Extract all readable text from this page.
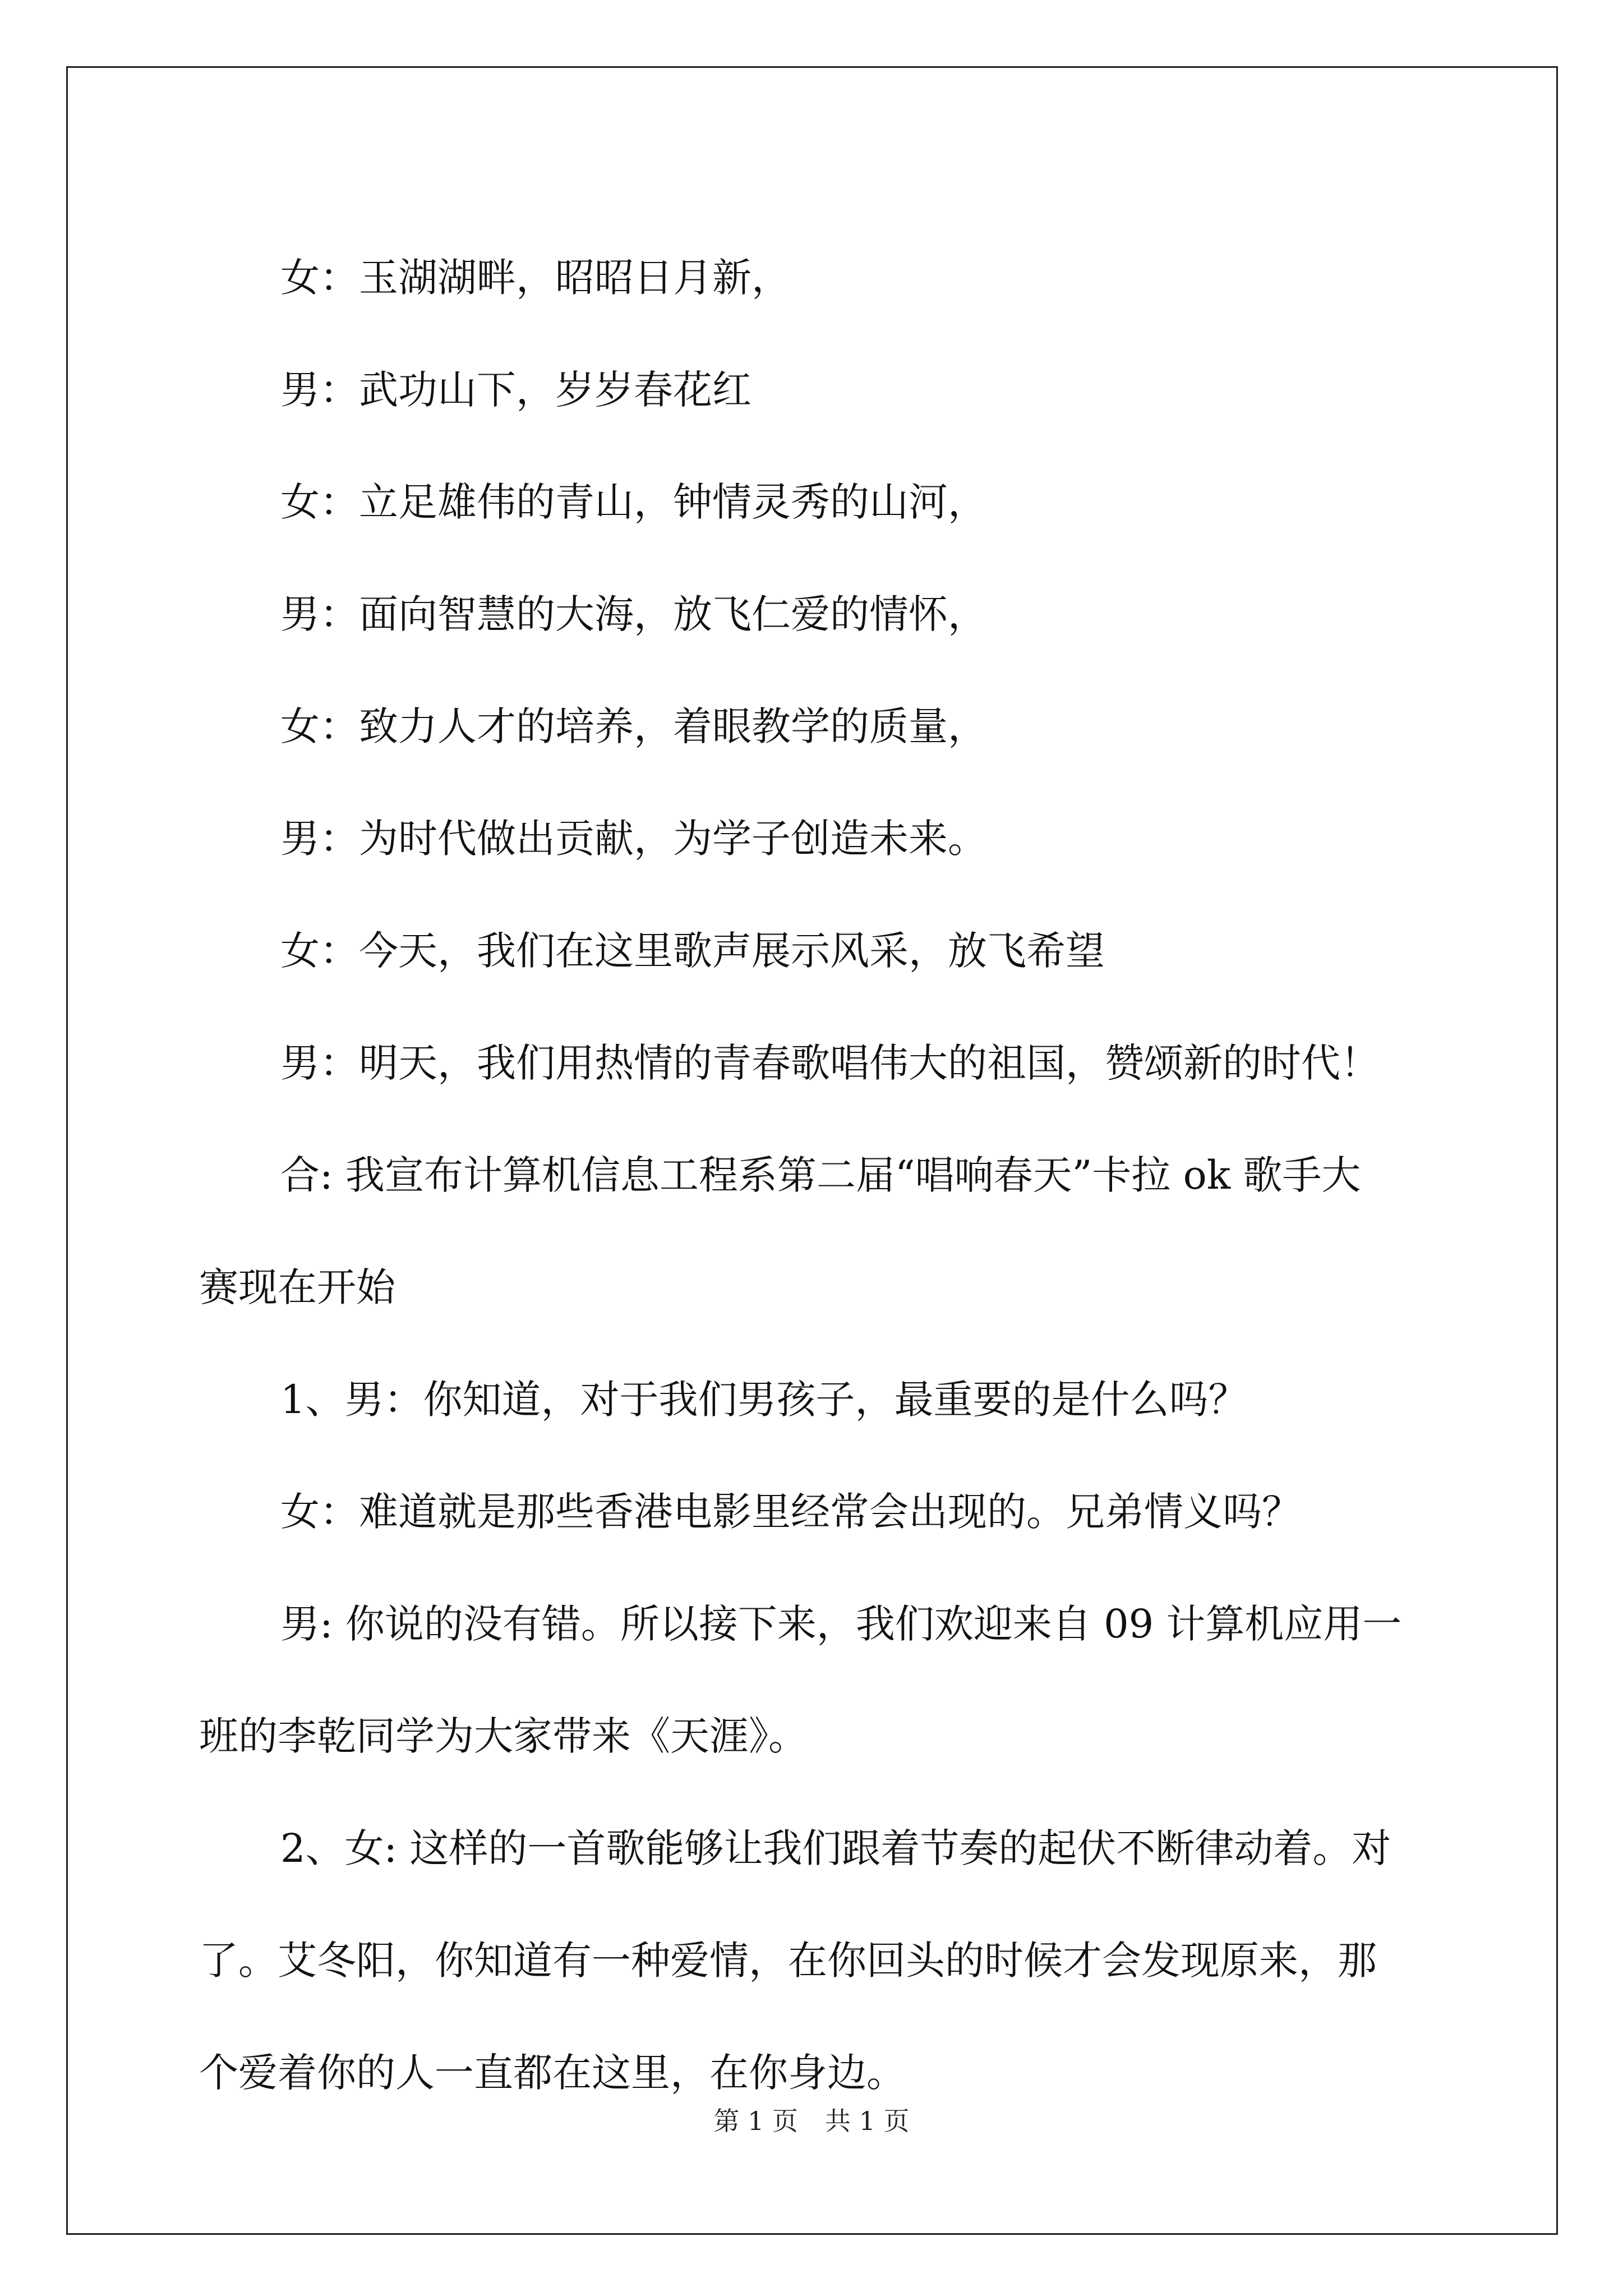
女：玉湖湖畔，昭昭日月新，
男：武功山下，岁岁春花红
女：立足雄伟的青山，钟情灵秀的山河，
男：面向智慧的大海，放飞仁爱的情怀，
女：致力人才的培养，着眼教学的质量，
男：为时代做出贡献，为学子创造未来。
女：今天，我们在这里歌声展示风采，放飞希望
男：明天，我们用热情的青春歌唱伟大的祖国，赞颂新的时代！
合: 我宣布计算机信息工程系第二届“唱响春天”卡拉 ok 歌手大
赛现在开始
1、男：你知道，对于我们男孩子，最重要的是什么吗？
女：难道就是那些香港电影里经常会出现的。兄弟情义吗？
男: 你说的没有错。所以接下来，我们欢迎来自 09 计算机应用一
班的李乾同学为大家带来《天涯》。
2、女: 这样的一首歌能够让我们跟着节奏的起伏不断律动着。对
了。艾冬阳，你知道有一种爱情，在你回头的时候才会发现原来，那
个爱着你的人一直都在这里，在你身边。
第 1 页 共 1 页
